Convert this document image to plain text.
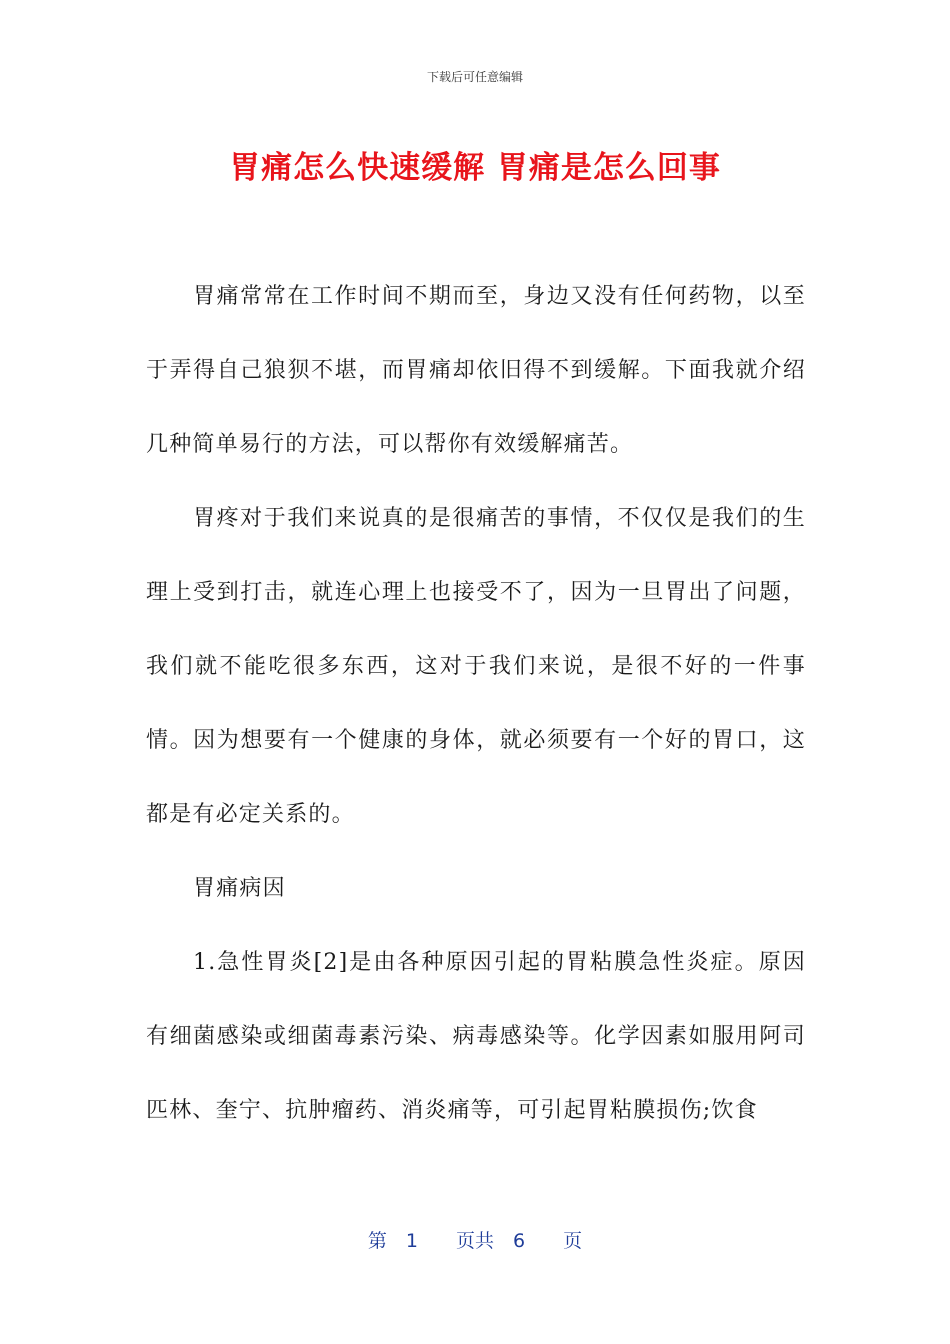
下载后可任意编辑
胃痛怎么快速缓解 胃痛是怎么回事

胃痛常常在工作时间不期而至，身边又没有任何药物，以至于弄得自己狼狈不堪，而胃痛却依旧得不到缓解。下面我就介绍几种简单易行的方法，可以帮你有效缓解痛苦。

胃疼对于我们来说真的是很痛苦的事情，不仅仅是我们的生理上受到打击，就连心理上也接受不了，因为一旦胃出了问题，我们就不能吃很多东西，这对于我们来说，是很不好的一件事情。因为想要有一个健康的身体，就必须要有一个好的胃口，这都是有必定关系的。

胃痛病因

1.急性胃炎[2]是由各种原因引起的胃粘膜急性炎症。原因有细菌感染或细菌毒素污染、病毒感染等。化学因素如服用阿司匹林、奎宁、抗肿瘤药、消炎痛等，可引起胃粘膜损伤;饮食

第　1　　页共　6　　页
